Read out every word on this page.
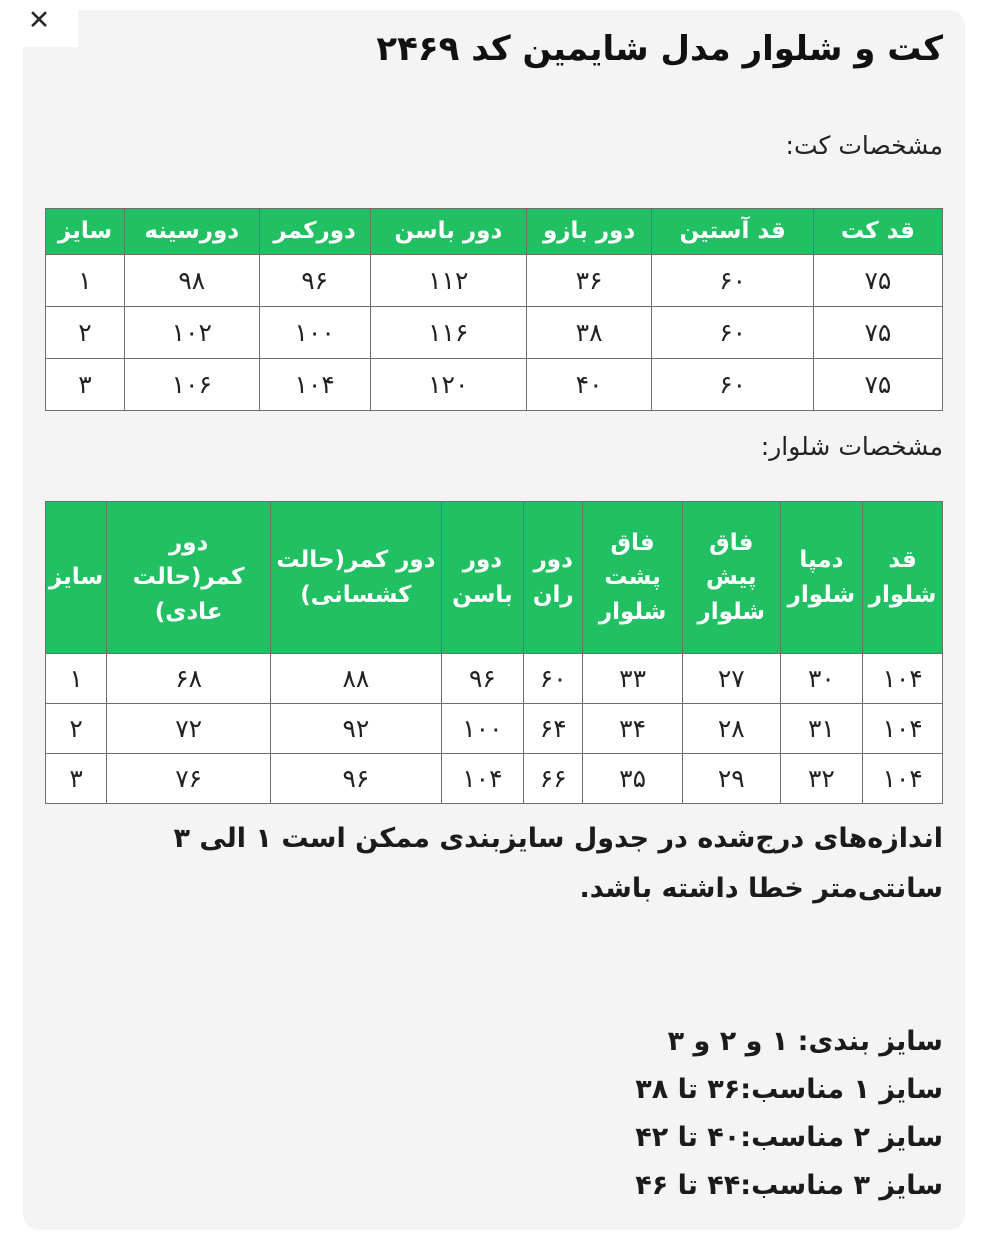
✕
کت و شلوار مدل شایمین کد ۲۴۶۹
مشخصات کت:
قد کت	قد آستین	دور بازو	دور باسن	دورکمر	دورسینه	سایز
۷۵	۶۰	۳۶	۱۱۲	۹۶	۹۸	۱
۷۵	۶۰	۳۸	۱۱۶	۱۰۰	۱۰۲	۲
۷۵	۶۰	۴۰	۱۲۰	۱۰۴	۱۰۶	۳
مشخصات شلوار:
قد شلوار	دمپا شلوار	فاق پیش شلوار	فاق پشت شلوار	دور ران	دور باسن	دور کمر(حالت کشسانی)	دور کمر(حالت عادی)	سایز
۱۰۴	۳۰	۲۷	۳۳	۶۰	۹۶	۸۸	۶۸	۱
۱۰۴	۳۱	۲۸	۳۴	۶۴	۱۰۰	۹۲	۷۲	۲
۱۰۴	۳۲	۲۹	۳۵	۶۶	۱۰۴	۹۶	۷۶	۳
اندازه‌های درج‌شده در جدول سایزبندی ممکن است ۱ الی ۳ سانتی‌متر خطا داشته باشد.
سایز بندی: ۱ و ۲ و ۳
سایز ۱ مناسب:۳۶ تا ۳۸
سایز ۲ مناسب:۴۰ تا ۴۲
سایز ۳ مناسب:۴۴ تا ۴۶
